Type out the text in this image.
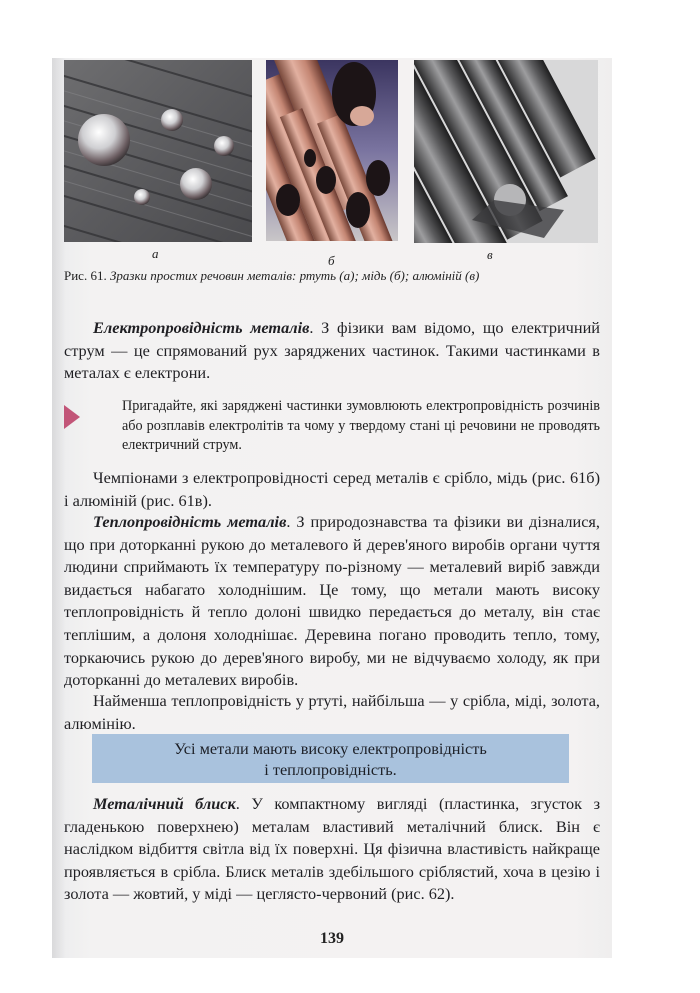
а	б	в
Рис. 61. Зразки простих речовин металів: ртуть (а); мідь (б); алюміній (в)
Електропровідність металів. З фізики вам відомо, що електричний струм — це спрямований рух заряджених частинок. Такими частинками в металах є електрони.
Пригадайте, які заряджені частинки зумовлюють електропровідність розчинів або розплавів електролітів та чому у твердому стані ці речовини не проводять електричний струм.
Чемпіонами з електропровідності серед металів є срібло, мідь (рис. 61б) і алюміній (рис. 61в).
Теплопровідність металів. З природознавства та фізики ви дізналися, що при доторканні рукою до металевого й дерев'яного виробів органи чуття людини сприймають їх температуру по-різному — металевий виріб завжди видається набагато холоднішим. Це тому, що метали мають високу теплопровідність й тепло долоні швидко передається до металу, він стає теплішим, а долоня холоднішає. Деревина погано проводить тепло, тому, торкаючись рукою до дерев'яного виробу, ми не відчуваємо холоду, як при доторканні до металевих виробів.
Найменша теплопровідність у ртуті, найбільша — у срібла, міді, золота, алюмінію.
Усі метали мають високу електропровідність
і теплопровідність.
Металічний блиск. У компактному вигляді (пластинка, згусток з гладенькою поверхнею) металам властивий металічний блиск. Він є наслідком відбиття світла від їх поверхні. Ця фізична властивість найкраще проявляється в срібла. Блиск металів здебільшого сріблястий, хоча в цезію і золота — жовтий, у міді — цеглясто-червоний (рис. 62).
139
